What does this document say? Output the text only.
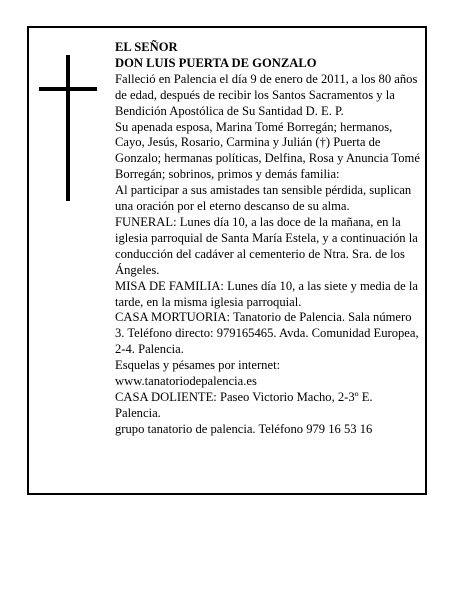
EL SEÑOR

DON LUIS PUERTA DE GONZALO

Falleció en Palencia el día 9 de enero de 2011, a los 80 años de edad, después de recibir los Santos Sacramentos y la Bendición Apostólica de Su Santidad D. E. P.

Su apenada esposa, Marina Tomé Borregán; hermanos, Cayo, Jesús, Rosario, Carmina y Julián (†) Puerta de Gonzalo; hermanas políticas, Delfina, Rosa y Anuncia Tomé Borregán; sobrinos, primos y demás familia:

Al participar a sus amistades tan sensible pérdida, suplican una oración por el eterno descanso de su alma.

FUNERAL: Lunes día 10, a las doce de la mañana, en la iglesia parroquial de Santa María Estela, y a continuación la conducción del cadáver al cementerio de Ntra. Sra. de los Ángeles.

MISA DE FAMILIA: Lunes día 10, a las siete y media de la tarde, en la misma iglesia parroquial.

CASA MORTUORIA: Tanatorio de Palencia. Sala número 3. Teléfono directo: 979165465. Avda. Comunidad Europea, 2-4. Palencia.

Esquelas y pésames por internet: www.tanatoriodepalencia.es

CASA DOLIENTE: Paseo Victorio Macho, 2-3º E. Palencia.

grupo tanatorio de palencia. Teléfono 979 16 53 16
